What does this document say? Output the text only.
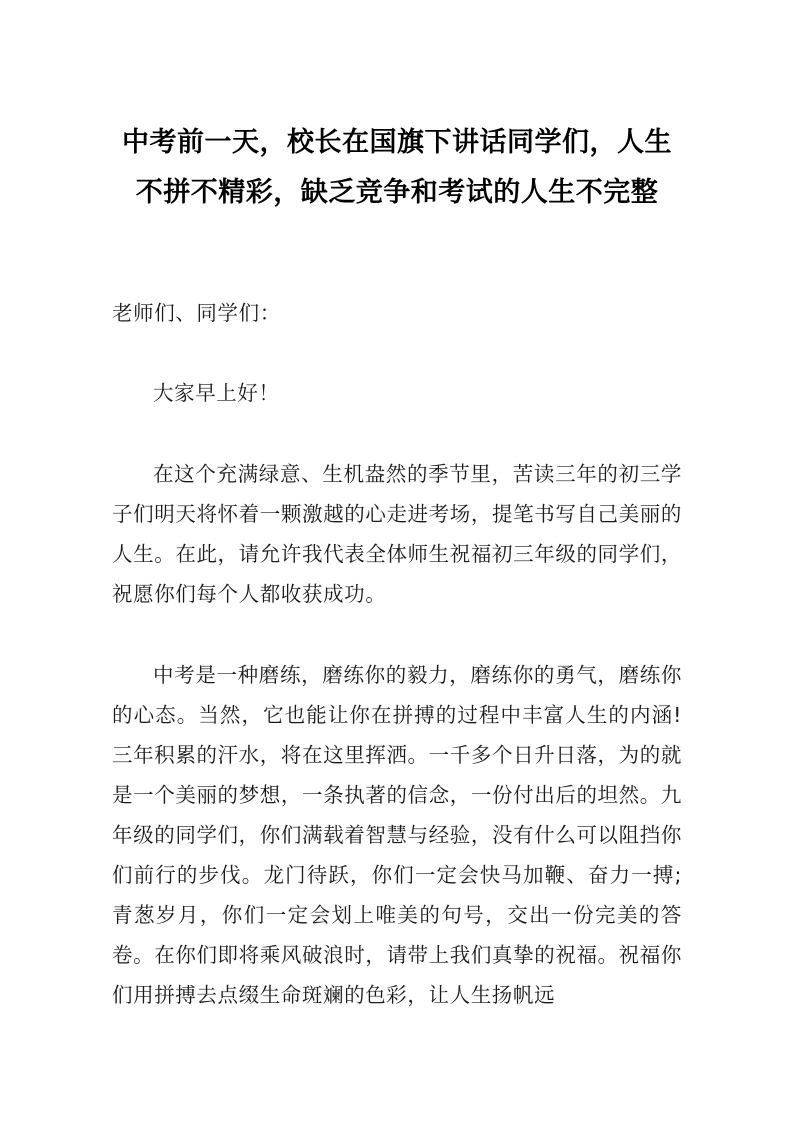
中考前一天，校长在国旗下讲话同学们，人生不拼不精彩，缺乏竞争和考试的人生不完整

老师们、同学们：

大家早上好！

在这个充满绿意、生机盎然的季节里，苦读三年的初三学子们明天将怀着一颗激越的心走进考场，提笔书写自己美丽的人生。在此，请允许我代表全体师生祝福初三年级的同学们，祝愿你们每个人都收获成功。

中考是一种磨练，磨练你的毅力，磨练你的勇气，磨练你的心态。当然，它也能让你在拼搏的过程中丰富人生的内涵!三年积累的汗水，将在这里挥洒。一千多个日升日落，为的就是一个美丽的梦想，一条执著的信念，一份付出后的坦然。九年级的同学们，你们满载着智慧与经验，没有什么可以阻挡你们前行的步伐。龙门待跃，你们一定会快马加鞭、奋力一搏;青葱岁月，你们一定会划上唯美的句号，交出一份完美的答卷。在你们即将乘风破浪时，请带上我们真挚的祝福。祝福你们用拼搏去点缀生命斑斓的色彩，让人生扬帆远
